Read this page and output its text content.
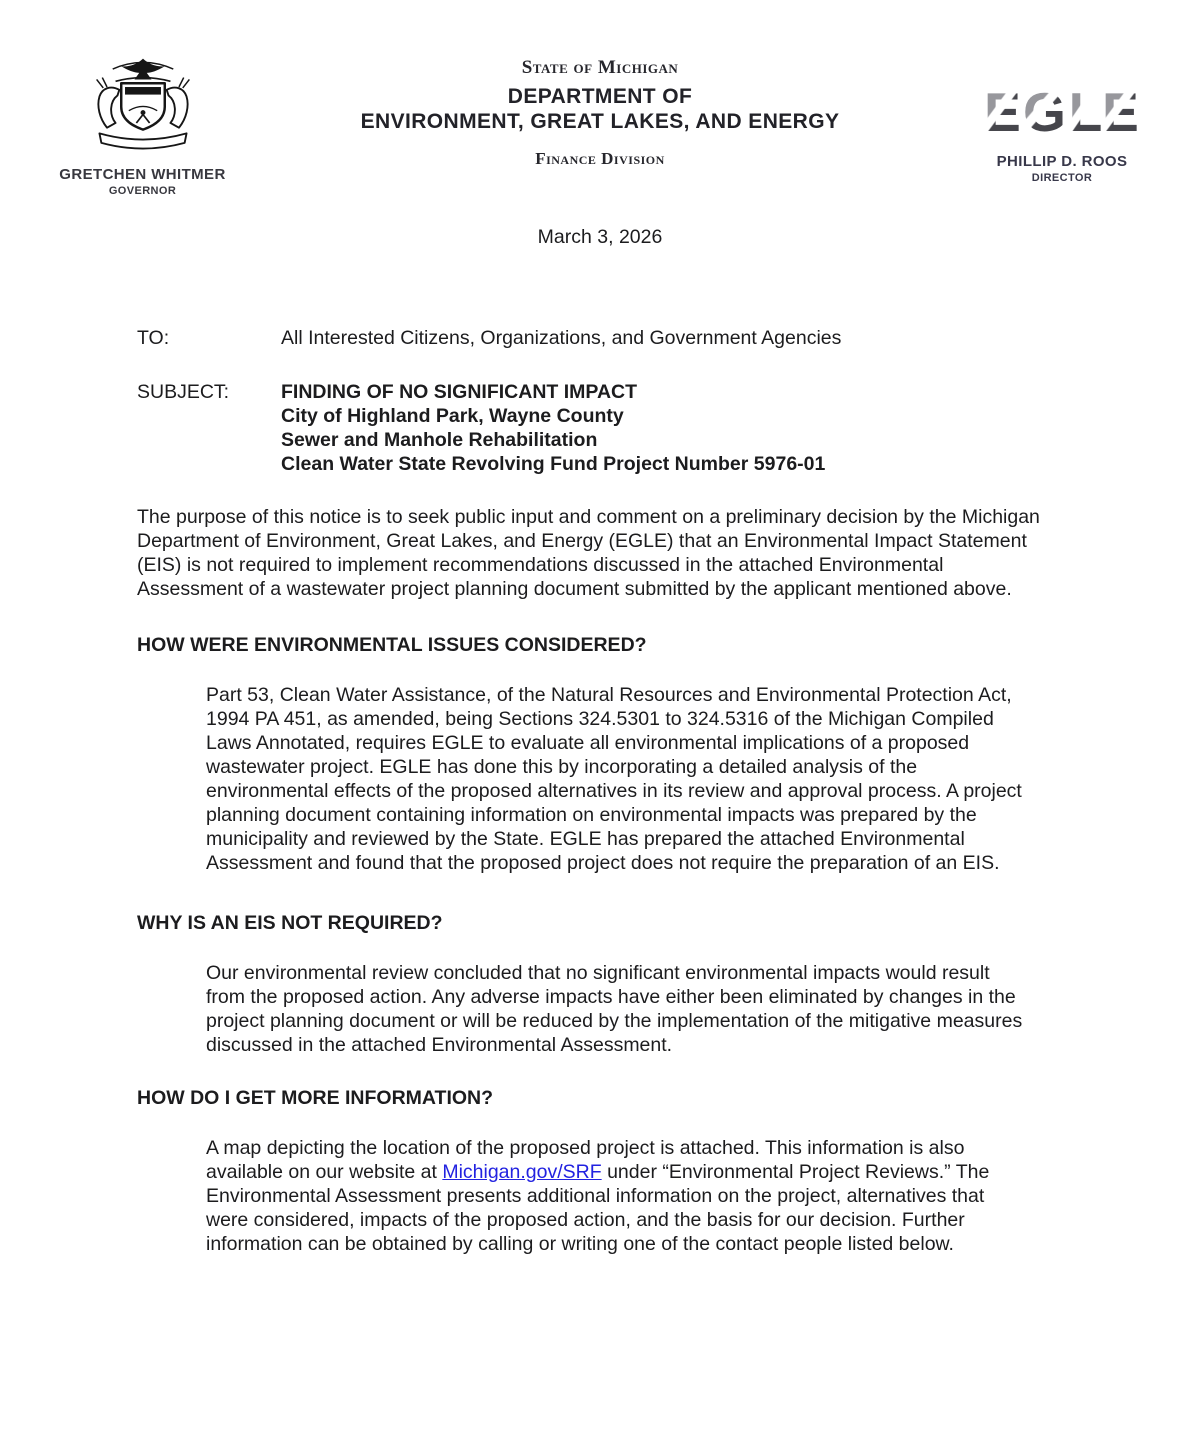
GRETCHEN WHITMER
GOVERNOR
State of Michigan
DEPARTMENT OF
ENVIRONMENT, GREAT LAKES, AND ENERGY
Finance Division
E G L E
PHILLIP D. ROOS
DIRECTOR
March 3, 2026
TO:	All Interested Citizens, Organizations, and Government Agencies
SUBJECT:	FINDING OF NO SIGNIFICANT IMPACT
City of Highland Park, Wayne County
Sewer and Manhole Rehabilitation
Clean Water State Revolving Fund Project Number 5976-01

The purpose of this notice is to seek public input and comment on a preliminary decision by the Michigan Department of Environment, Great Lakes, and Energy (EGLE) that an Environmental Impact Statement (EIS) is not required to implement recommendations discussed in the attached Environmental Assessment of a wastewater project planning document submitted by the applicant mentioned above.

HOW WERE ENVIRONMENTAL ISSUES CONSIDERED?

Part 53, Clean Water Assistance, of the Natural Resources and Environmental Protection Act, 1994 PA 451, as amended, being Sections 324.5301 to 324.5316 of the Michigan Compiled Laws Annotated, requires EGLE to evaluate all environmental implications of a proposed wastewater project. EGLE has done this by incorporating a detailed analysis of the environmental effects of the proposed alternatives in its review and approval process. A project planning document containing information on environmental impacts was prepared by the municipality and reviewed by the State. EGLE has prepared the attached Environmental Assessment and found that the proposed project does not require the preparation of an EIS.

WHY IS AN EIS NOT REQUIRED?

Our environmental review concluded that no significant environmental impacts would result from the proposed action. Any adverse impacts have either been eliminated by changes in the project planning document or will be reduced by the implementation of the mitigative measures discussed in the attached Environmental Assessment.

HOW DO I GET MORE INFORMATION?

A map depicting the location of the proposed project is attached. This information is also available on our website at Michigan.gov/SRF under “Environmental Project Reviews.” The Environmental Assessment presents additional information on the project, alternatives that were considered, impacts of the proposed action, and the basis for our decision. Further information can be obtained by calling or writing one of the contact people listed below.
